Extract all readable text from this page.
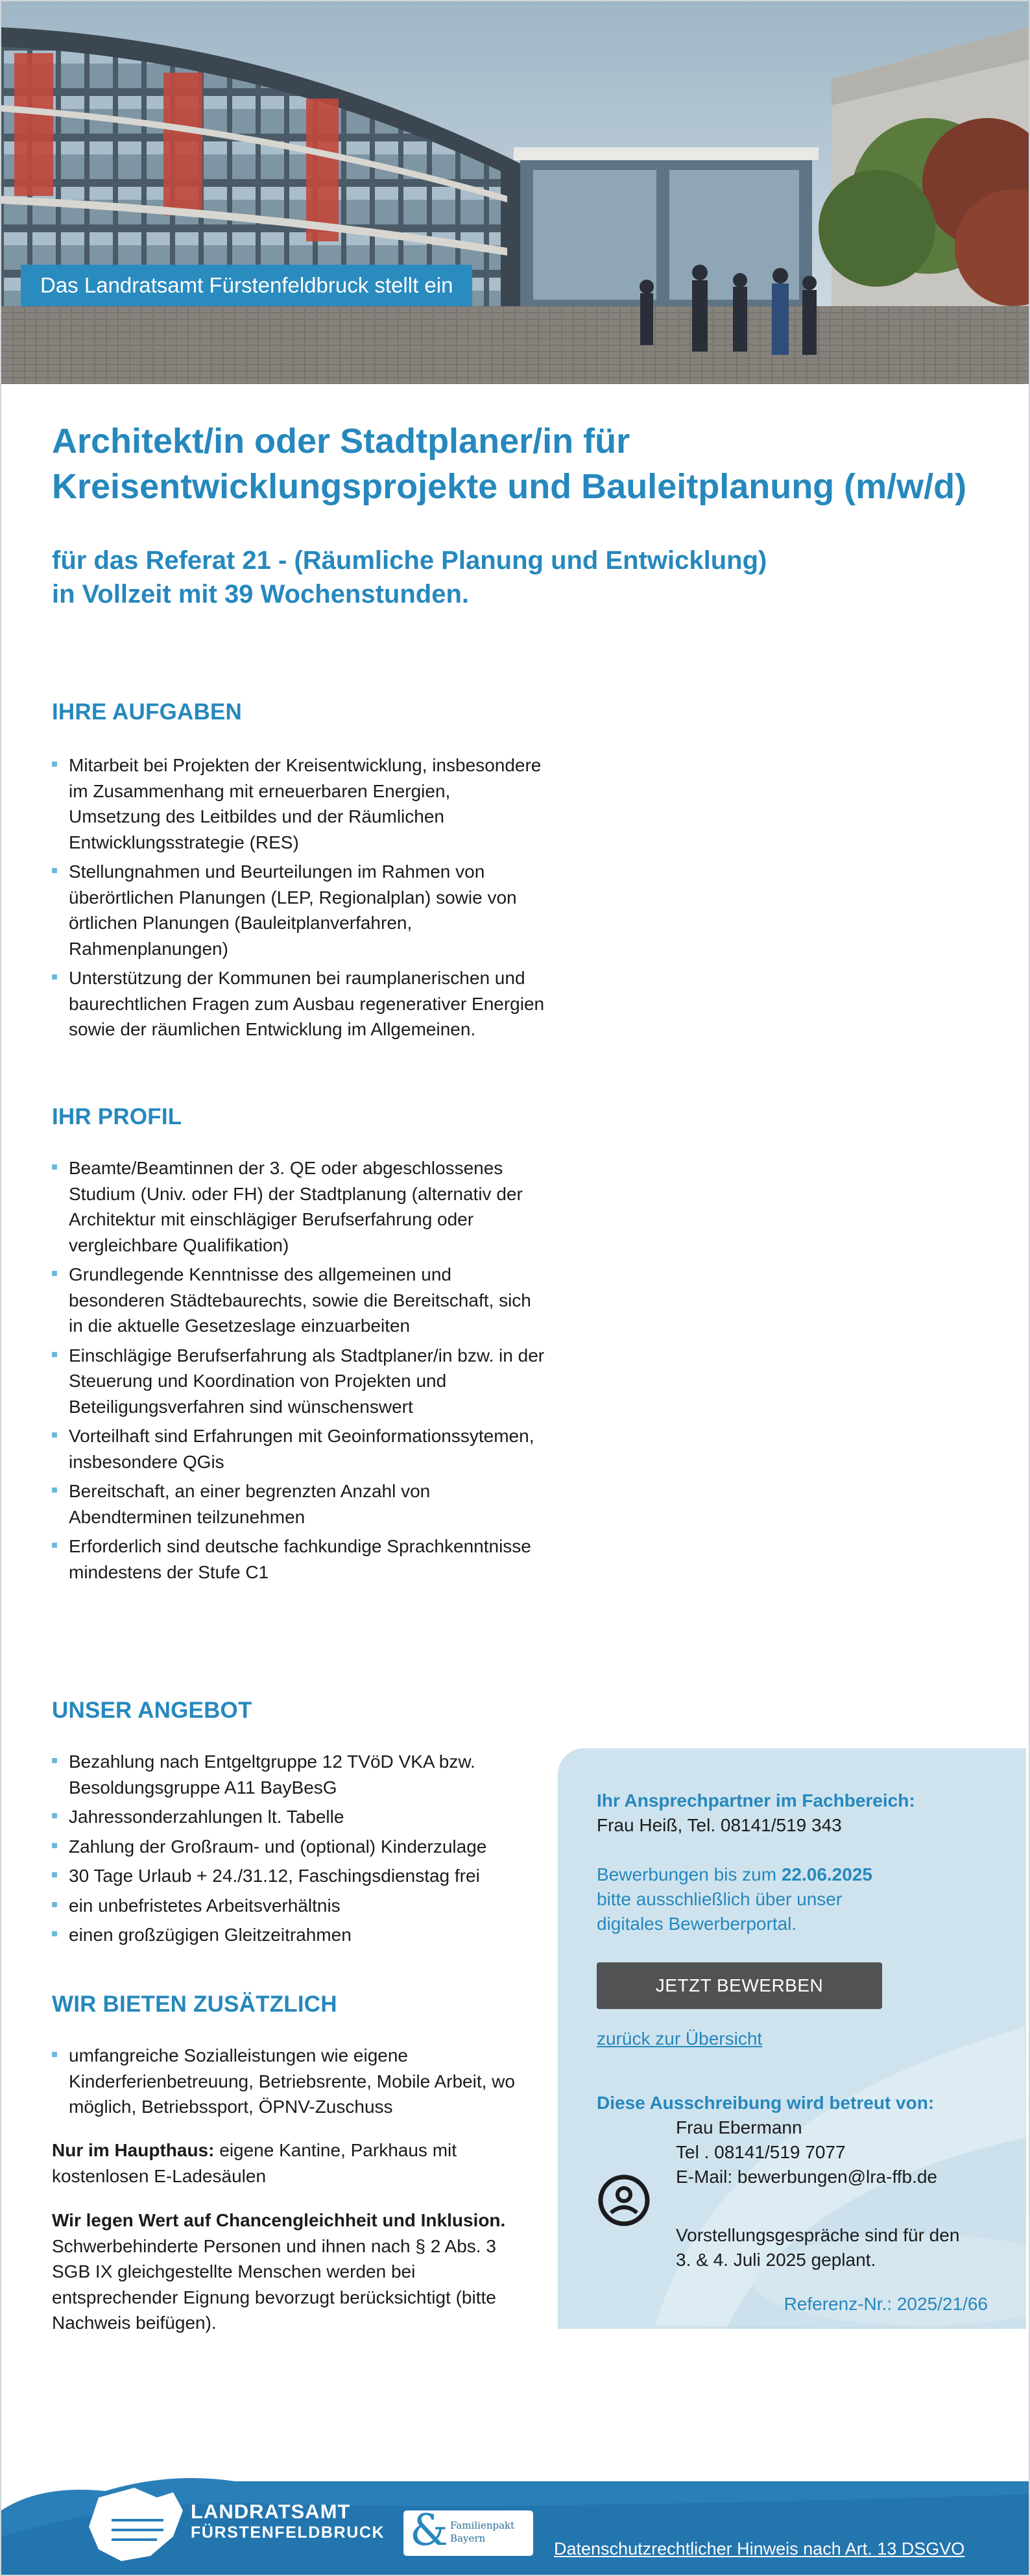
Das Landratsamt Fürstenfeldbruck stellt ein
Architekt/in oder Stadtplaner/in für
Kreisentwicklungsprojekte und Bauleitplanung (m/w/d)
für das Referat 21 - (Räumliche Planung und Entwicklung)
in Vollzeit mit 39 Wochenstunden.
IHRE AUFGABEN
Mitarbeit bei Projekten der Kreisentwicklung, insbesondere im Zusammenhang mit erneuerbaren Energien, Umsetzung des Leitbildes und der Räumlichen Entwicklungsstrategie (RES)
Stellungnahmen und Beurteilungen im Rahmen von überörtlichen Planungen (LEP, Regionalplan) sowie von örtlichen Planungen (Bauleitplanverfahren, Rahmenplanungen)
Unterstützung der Kommunen bei raumplanerischen und baurechtlichen Fragen zum Ausbau regenerativer Energien sowie der räumlichen Entwicklung im Allgemeinen.
IHR PROFIL
Beamte/Beamtinnen der 3. QE oder abgeschlossenes Studium (Univ. oder FH) der Stadtplanung (alternativ der Architektur mit einschlägiger Berufserfahrung oder vergleichbare Qualifikation)
Grundlegende Kenntnisse des allgemeinen und besonderen Städtebaurechts, sowie die Bereitschaft, sich in die aktuelle Gesetzeslage einzuarbeiten
Einschlägige Berufserfahrung als Stadtplaner/in bzw. in der Steuerung und Koordination von Projekten und Beteiligungsverfahren sind wünschenswert
Vorteilhaft sind Erfahrungen mit Geoinformationssytemen, insbesondere QGis
Bereitschaft, an einer begrenzten Anzahl von Abendterminen teilzunehmen
Erforderlich sind deutsche fachkundige Sprachkenntnisse mindestens der Stufe C1
UNSER ANGEBOT
Bezahlung nach Entgeltgruppe 12 TVöD VKA bzw. Besoldungsgruppe A11 BayBesG
Jahressonderzahlungen lt. Tabelle
Zahlung der Großraum- und (optional) Kinderzulage
30 Tage Urlaub + 24./31.12, Faschingsdienstag frei
ein unbefristetes Arbeitsverhältnis
einen großzügigen Gleitzeitrahmen
WIR BIETEN ZUSÄTZLICH
umfangreiche Sozialleistungen wie eigene Kinderferienbetreuung, Betriebsrente, Mobile Arbeit, wo möglich, Betriebssport, ÖPNV-Zuschuss
Nur im Haupthaus: eigene Kantine, Parkhaus mit kostenlosen E-Ladesäulen
Wir legen Wert auf Chancengleichheit und Inklusion.
Schwerbehinderte Personen und ihnen nach § 2 Abs. 3 SGB IX gleichgestellte Menschen werden bei entsprechender Eignung bevorzugt berücksichtigt (bitte Nachweis beifügen).
Ihr Ansprechpartner im Fachbereich:
Frau Heiß, Tel. 08141/519 343
Bewerbungen bis zum 22.06.2025
bitte ausschließlich über unser
digitales Bewerberportal.
JETZT BEWERBEN
zurück zur Übersicht
Diese Ausschreibung wird betreut von:
Frau Ebermann
Tel . 08141/519 7077
E-Mail: bewerbungen@lra-ffb.de
Vorstellungsgespräche sind für den
3. & 4. Juli 2025 geplant.
Referenz-Nr.: 2025/21/66
LANDRATSAMT
FÜRSTENFELDBRUCK & Familienpakt
Bayern
Datenschutzrechtlicher Hinweis nach Art. 13 DSGVO
